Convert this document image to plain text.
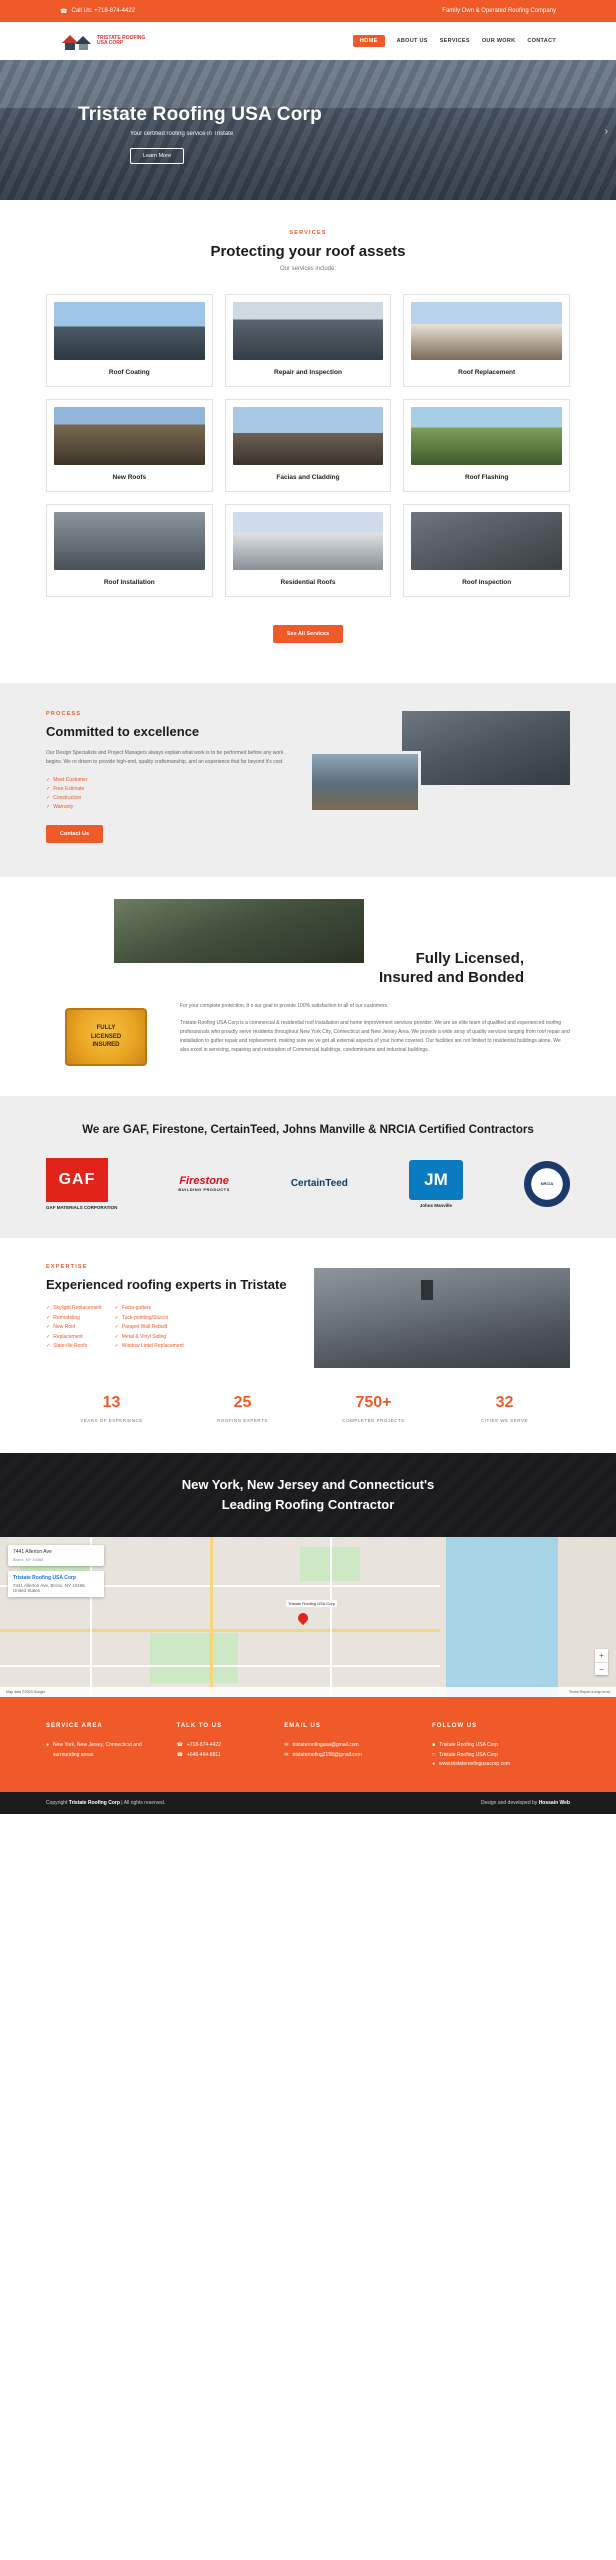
☎ Call Us: +718-874-4422	Family Own & Operated Roofing Company
TRISTATE ROOFING
USA CORP	HOME	ABOUT US SERVICES OUR WORK CONTACT
Tristate Roofing USA Corp
Your certified roofing service in Tristate
Learn More
›
SERVICES
Protecting your roof assets
Our services include:
Roof Coating	Repair and Inspection	Roof Replacement
New Roofs	Facias and Cladding	Roof Flashing
Roof Installation	Residential Roofs	Roof Inspection
See All Services
PROCESS
Committed to excellence

Our Design Specialists and Project Managers always explain what work is to be performed before any work begins. We re driven to provide high-end, quality craftsmanship, and an experience that far beyond it's cost.

✓ Meet Customer
✓ Free Estimate
✓ Construction
✓ Warranty
Contact Us
Fully Licensed,
Insured and Bonded
FULLY
LICENSED
INSURED

For your complete protection. It s our goal to provide 100% satisfaction to all of our customers.

Tristate Roofing USA Corp is a commercial & residential roof installation and home improvement services provider. We are an elite team of qualified and experienced roofing professionals who proudly serve residents throughout New York City, Connecticut and New Jersey Area. We provide a wide array of quality services ranging from roof repair and installation to gutter repair and replacement, making sure we ve got all external aspects of your home covered. Our facilities are not limited to residential buildings alone. We also excel in servicing, repairing and restoration of Commercial buildings, condominiums and industrial buildings.

We are GAF, Firestone, CertainTeed, Johns Manville & NRCIA Certified Contractors
GAF
GAF MATERIALS CORPORATION
Firestone
BUILDING PRODUCTS
CertainTeed	JM
Johns Manville
NRCIA
EXPERTISE
Experienced roofing experts in Tristate
✓ Skylight Replacement
✓ Remodeling
✓ New Roof
✓ Replacement
✓ Slate-tile Roofs
✓ Facia-gutters
✓ Tuck-pointing/Stucco
✓ Parapet Wall Rebuilt
✓ Metal & Vinyl Siding
✓ Window Lintel Replacement
13
YEARS OF EXPERIENCE
25
ROOFING EXPERTS
750+
COMPLETED PROJECTS
32
CITIES WE SERVE
New York, New Jersey and Connecticut's
Leading Roofing Contractor
7441 Allerton Ave
Bronx, NY 10466
Tristate Roofing USA Corp
7441 Allerton Ave, Bronx, NY 10466, United States
Tristate Roofing USA Corp
+
−
Map data ©2023 Google	Terms Report a map error
SERVICE AREA
● New York, New Jersey, Connecticut and surrounding areas
TALK TO US
☎ +718-874-4422
☎ +646-464-8811
EMAIL US
✉ tristateroofingusa@gmail.com
✉ tristateroofing2158@gmail.com
FOLLOW US
■ Tristate Roofing USA Corp
□ Tristate Roofing USA Corp
● www.tristateroofingusacorp.com
Copyright Tristate Roofing Corp | All rights reserved.	Design and developed by Hossain Web
